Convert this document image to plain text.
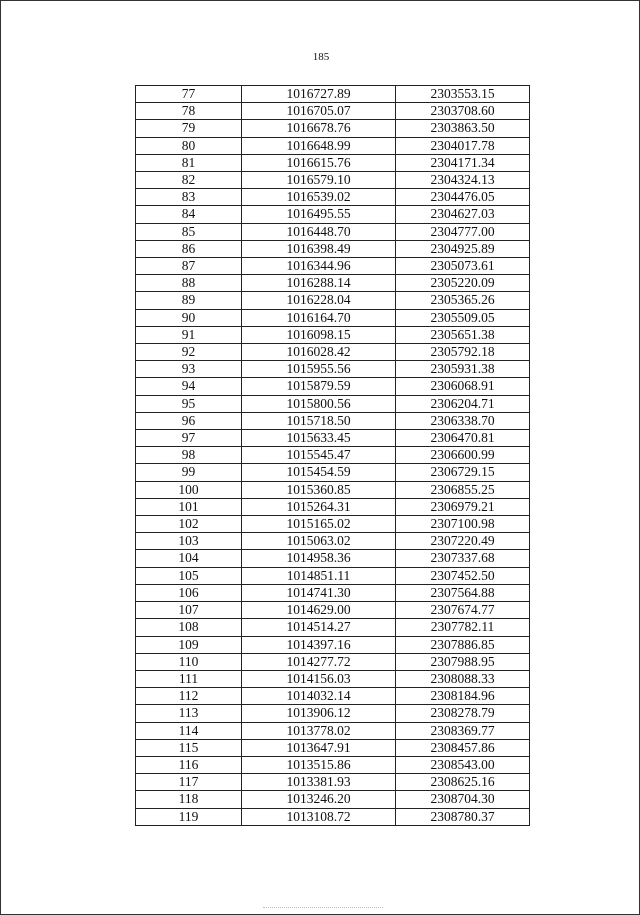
185
77	1016727.89	2303553.15
78	1016705.07	2303708.60
79	1016678.76	2303863.50
80	1016648.99	2304017.78
81	1016615.76	2304171.34
82	1016579.10	2304324.13
83	1016539.02	2304476.05
84	1016495.55	2304627.03
85	1016448.70	2304777.00
86	1016398.49	2304925.89
87	1016344.96	2305073.61
88	1016288.14	2305220.09
89	1016228.04	2305365.26
90	1016164.70	2305509.05
91	1016098.15	2305651.38
92	1016028.42	2305792.18
93	1015955.56	2305931.38
94	1015879.59	2306068.91
95	1015800.56	2306204.71
96	1015718.50	2306338.70
97	1015633.45	2306470.81
98	1015545.47	2306600.99
99	1015454.59	2306729.15
100	1015360.85	2306855.25
101	1015264.31	2306979.21
102	1015165.02	2307100.98
103	1015063.02	2307220.49
104	1014958.36	2307337.68
105	1014851.11	2307452.50
106	1014741.30	2307564.88
107	1014629.00	2307674.77
108	1014514.27	2307782.11
109	1014397.16	2307886.85
110	1014277.72	2307988.95
111	1014156.03	2308088.33
112	1014032.14	2308184.96
113	1013906.12	2308278.79
114	1013778.02	2308369.77
115	1013647.91	2308457.86
116	1013515.86	2308543.00
117	1013381.93	2308625.16
118	1013246.20	2308704.30
119	1013108.72	2308780.37
